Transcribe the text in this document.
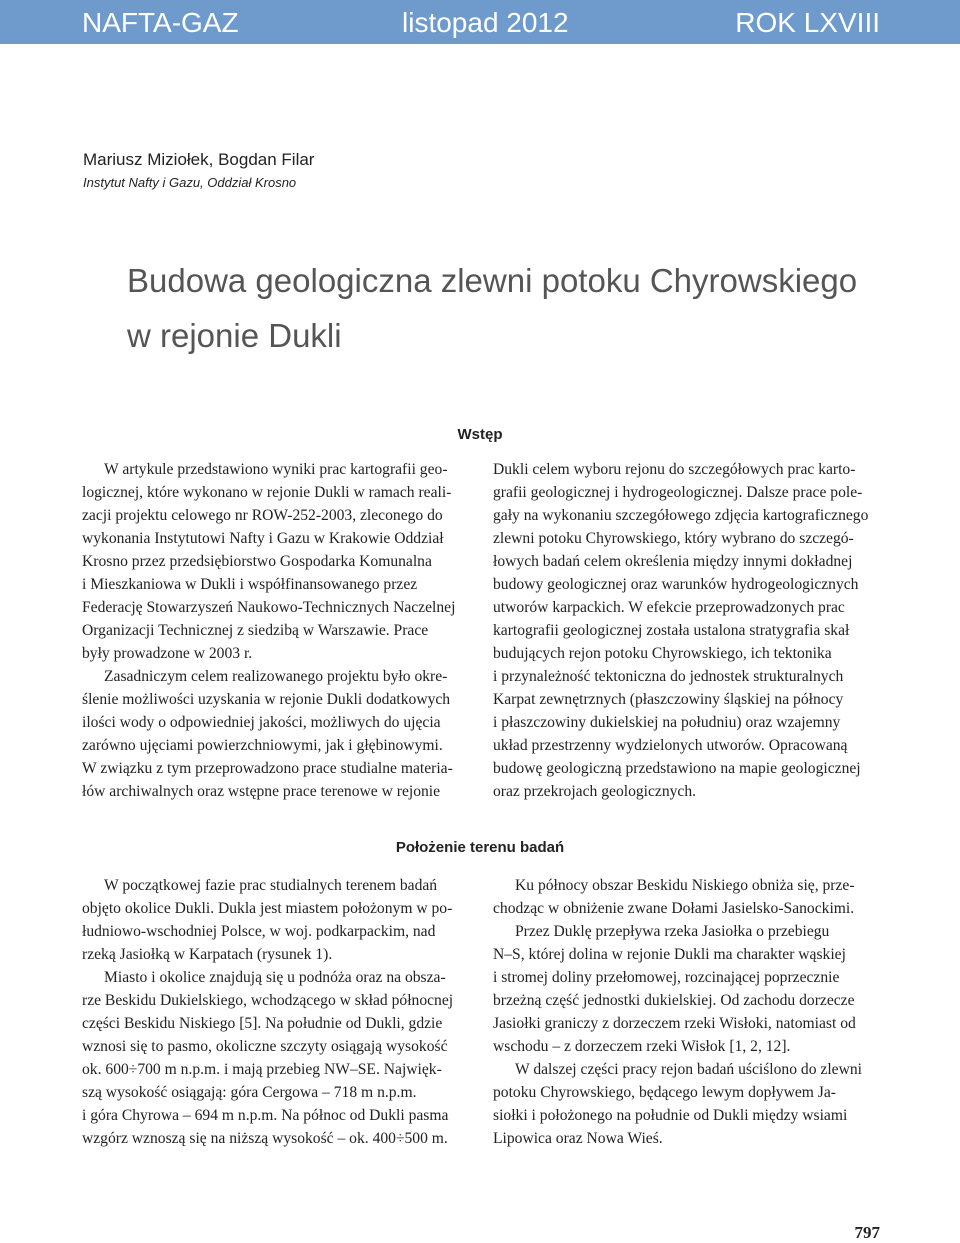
NAFTA-GAZ	listopad 2012	ROK LXVIII
Mariusz Miziołek, Bogdan Filar
Instytut Nafty i Gazu, Oddział Krosno
Budowa geologiczna zlewni potoku Chyrowskiego
w rejonie Dukli
Wstęp
W artykule przedstawiono wyniki prac kartografii geo-
logicznej, które wykonano w rejonie Dukli w ramach reali-
zacji projektu celowego nr ROW-252-2003, zleconego do
wykonania Instytutowi Nafty i Gazu w Krakowie Oddział
Krosno przez przedsiębiorstwo Gospodarka Komunalna
i Mieszkaniowa w Dukli i współfinansowanego przez
Federację Stowarzyszeń Naukowo-Technicznych Naczelnej
Organizacji Technicznej z siedzibą w Warszawie. Prace
były prowadzone w 2003 r.
Zasadniczym celem realizowanego projektu było okre-
ślenie możliwości uzyskania w rejonie Dukli dodatkowych
ilości wody o odpowiedniej jakości, możliwych do ujęcia
zarówno ujęciami powierzchniowymi, jak i głębinowymi.
W związku z tym przeprowadzono prace studialne materia-
łów archiwalnych oraz wstępne prace terenowe w rejonie
Dukli celem wyboru rejonu do szczegółowych prac karto-
grafii geologicznej i hydrogeologicznej. Dalsze prace pole-
gały na wykonaniu szczegółowego zdjęcia kartograficznego
zlewni potoku Chyrowskiego, który wybrano do szczegó-
łowych badań celem określenia między innymi dokładnej
budowy geologicznej oraz warunków hydrogeologicznych
utworów karpackich. W efekcie przeprowadzonych prac
kartografii geologicznej została ustalona stratygrafia skał
budujących rejon potoku Chyrowskiego, ich tektonika
i przynależność tektoniczna do jednostek strukturalnych
Karpat zewnętrznych (płaszczowiny śląskiej na północy
i płaszczowiny dukielskiej na południu) oraz wzajemny
układ przestrzenny wydzielonych utworów. Opracowaną
budowę geologiczną przedstawiono na mapie geologicznej
oraz przekrojach geologicznych.
Położenie terenu badań
W początkowej fazie prac studialnych terenem badań
objęto okolice Dukli. Dukla jest miastem położonym w po-
łudniowo-wschodniej Polsce, w woj. podkarpackim, nad
rzeką Jasiołką w Karpatach (rysunek 1).
Miasto i okolice znajdują się u podnóża oraz na obsza-
rze Beskidu Dukielskiego, wchodzącego w skład północnej
części Beskidu Niskiego [5]. Na południe od Dukli, gdzie
wznosi się to pasmo, okoliczne szczyty osiągają wysokość
ok. 600÷700 m n.p.m. i mają przebieg NW–SE. Najwięk-
szą wysokość osiągają: góra Cergowa – 718 m n.p.m.
i góra Chyrowa – 694 m n.p.m. Na północ od Dukli pasma
wzgórz wznoszą się na niższą wysokość – ok. 400÷500 m.
Ku północy obszar Beskidu Niskiego obniża się, prze-
chodząc w obniżenie zwane Dołami Jasielsko-Sanockimi.
Przez Duklę przepływa rzeka Jasiołka o przebiegu
N–S, której dolina w rejonie Dukli ma charakter wąskiej
i stromej doliny przełomowej, rozcinającej poprzecznie
brzeżną część jednostki dukielskiej. Od zachodu dorzecze
Jasiołki graniczy z dorzeczem rzeki Wisłoki, natomiast od
wschodu – z dorzeczem rzeki Wisłok [1, 2, 12].
W dalszej części pracy rejon badań uściślono do zlewni
potoku Chyrowskiego, będącego lewym dopływem Ja-
siołki i położonego na południe od Dukli między wsiami
Lipowica oraz Nowa Wieś.
797
